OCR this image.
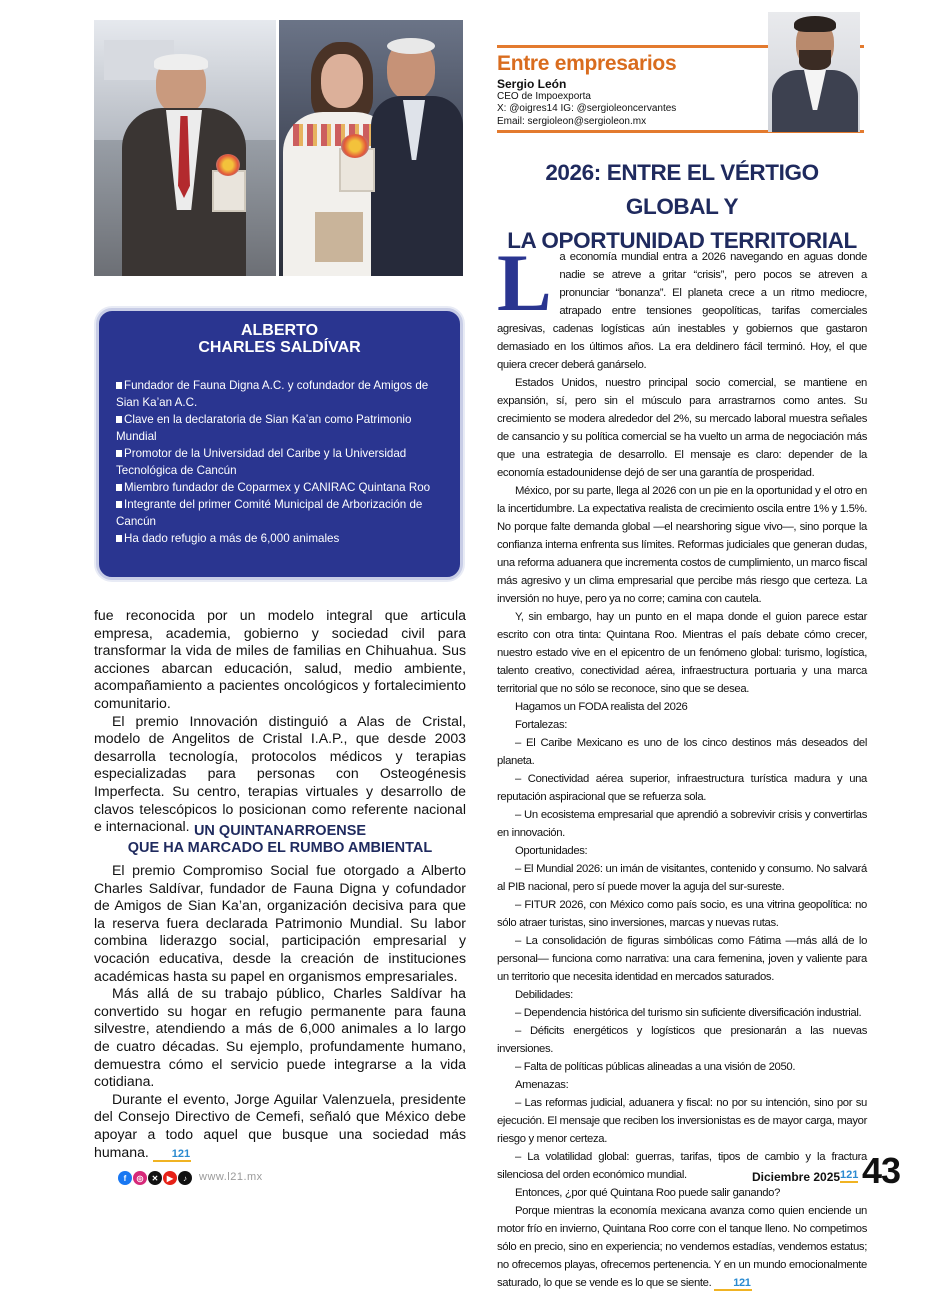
Entre empresarios
Sergio León
CEO de Impoexporta
X: @oigres14 IG: @sergioleoncervantes
Email: sergioleon@sergioleon.mx
2026: ENTRE EL VÉRTIGO GLOBAL Y
LA OPORTUNIDAD TERRITORIAL
ALBERTO
CHARLES SALDÍVAR
Fundador de Fauna Digna A.C. y cofundador de Amigos de Sian Ka’an A.C.
Clave en la declaratoria de Sian Ka’an como Patrimonio Mundial
Promotor de la Universidad del Caribe y la Universidad Tecnológica de Cancún
Miembro fundador de Coparmex y CANIRAC Quintana Roo
Integrante del primer Comité Municipal de Arborización de Cancún
Ha dado refugio a más de 6,000 animales

fue reconocida por un modelo integral que articula empresa, academia, gobierno y sociedad civil para transformar la vida de miles de familias en Chihuahua. Sus acciones abarcan educación, salud, medio ambiente, acompañamiento a pacientes oncológicos y fortalecimiento comunitario.

El premio Innovación distinguió a Alas de Cristal, modelo de Angelitos de Cristal I.A.P., que desde 2003 desarrolla tecnología, protocolos médicos y terapias especializadas para personas con Osteogénesis Imperfecta. Su centro, terapias virtuales y desarrollo de clavos telescópicos lo posicionan como referente nacional e internacional. UN QUINTANARROENSE
QUE HA MARCADO EL RUMBO AMBIENTAL

El premio Compromiso Social fue otorgado a Alberto Charles Saldívar, fundador de Fauna Digna y cofundador de Amigos de Sian Ka’an, organización decisiva para que la reserva fuera declarada Patrimonio Mundial. Su labor combina liderazgo social, participación empresarial y vocación educativa, desde la creación de instituciones académicas hasta su papel en organismos empresariales.

Más allá de su trabajo público, Charles Saldívar ha convertido su hogar en refugio permanente para fauna silvestre, atendiendo a más de 6,000 animales a lo largo de cuatro décadas. Su ejemplo, profundamente humano, demuestra cómo el servicio puede integrarse a la vida cotidiana.

Durante el evento, Jorge Aguilar Valenzuela, presidente del Consejo Directivo de Cemefi, señaló que México debe apoyar a todo aquel que busque una sociedad más humana. 121

L a economía mundial entra a 2026 navegando en aguas donde nadie se atreve a gritar “crisis”, pero pocos se atreven a pronunciar “bonanza”. El planeta crece a un ritmo mediocre, atrapado entre tensiones geopolíticas, tarifas comerciales agresivas, cadenas logísticas aún inestables y gobiernos que gastaron demasiado en los últimos años. La era deldinero fácil terminó. Hoy, el que quiera crecer deberá ganárselo.

Estados Unidos, nuestro principal socio comercial, se mantiene en expansión, sí, pero sin el músculo para arrastrarnos como antes. Su crecimiento se modera alrededor del 2%, su mercado laboral muestra señales de cansancio y su política comercial se ha vuelto un arma de negociación más que una estrategia de desarrollo. El mensaje es claro: depender de la economía estadounidense dejó de ser una garantía de prosperidad.

México, por su parte, llega al 2026 con un pie en la oportunidad y el otro en la incertidumbre. La expectativa realista de crecimiento oscila entre 1% y 1.5%. No porque falte demanda global —el nearshoring sigue vivo—, sino porque la confianza interna enfrenta sus límites. Reformas judiciales que generan dudas, una reforma aduanera que incrementa costos de cumplimiento, un marco fiscal más agresivo y un clima empresarial que percibe más riesgo que certeza. La inversión no huye, pero ya no corre; camina con cautela.

Y, sin embargo, hay un punto en el mapa donde el guion parece estar escrito con otra tinta: Quintana Roo. Mientras el país debate cómo crecer, nuestro estado vive en el epicentro de un fenómeno global: turismo, logística, talento creativo, conectividad aérea, infraestructura portuaria y una marca territorial que no sólo se reconoce, sino que se desea.

Hagamos un FODA realista del 2026

Fortalezas:

– El Caribe Mexicano es uno de los cinco destinos más deseados del planeta.

– Conectividad aérea superior, infraestructura turística madura y una reputación aspiracional que se refuerza sola.

– Un ecosistema empresarial que aprendió a sobrevivir crisis y convertirlas en innovación.

Oportunidades:

– El Mundial 2026: un imán de visitantes, contenido y consumo. No salvará al PIB nacional, pero sí puede mover la aguja del sur-sureste.

– FITUR 2026, con México como país socio, es una vitrina geopolítica: no sólo atraer turistas, sino inversiones, marcas y nuevas rutas.

– La consolidación de figuras simbólicas como Fátima —más allá de lo personal— funciona como narrativa: una cara femenina, joven y valiente para un territorio que necesita identidad en mercados saturados.

Debilidades:

– Dependencia histórica del turismo sin suficiente diversificación industrial.

– Déficits energéticos y logísticos que presionarán a las nuevas inversiones.

– Falta de políticas públicas alineadas a una visión de 2050.

Amenazas:

– Las reformas judicial, aduanera y fiscal: no por su intención, sino por su ejecución. El mensaje que reciben los inversionistas es de mayor carga, mayor riesgo y menor certeza.

– La volatilidad global: guerras, tarifas, tipos de cambio y la fractura silenciosa del orden económico mundial.

Entonces, ¿por qué Quintana Roo puede salir ganando?

Porque mientras la economía mexicana avanza como quien enciende un motor frío en invierno, Quintana Roo corre con el tanque lleno. No competimos sólo en precio, sino en experiencia; no vendemos estadías, vendemos estatus; no ofrecemos playas, ofrecemos pertenencia. Y en un mundo emocionalmente saturado, lo que se vende es lo que se siente. 121

f	◎	✕	▶	♪	www.l21.mx	Diciembre 2025 121 43
